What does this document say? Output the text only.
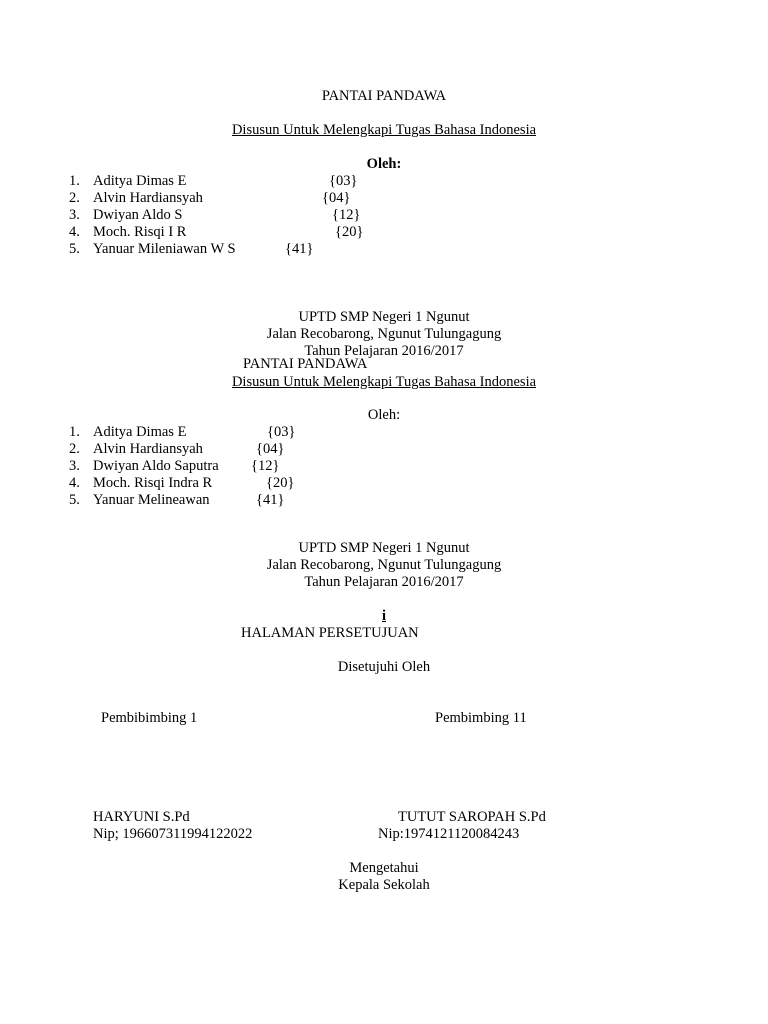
PANTAI PANDAWA
Disusun Untuk Melengkapi Tugas Bahasa Indonesia
Oleh:
1. Aditya Dimas E	{03}
2. Alvin Hardiansyah	{04}
3. Dwiyan Aldo S	{12}
4. Moch. Risqi I R	{20}
5. Yanuar Mileniawan W S	{41}
UPTD SMP Negeri 1 Ngunut
Jalan Recobarong, Ngunut Tulungagung
Tahun Pelajaran 2016/2017
PANTAI PANDAWA
Disusun Untuk Melengkapi Tugas Bahasa Indonesia
Oleh:
1. Aditya Dimas E	{03}
2. Alvin Hardiansyah	{04}
3. Dwiyan Aldo Saputra {12}
4. Moch. Risqi Indra R	{20}
5. Yanuar Melineawan	{41}
UPTD SMP Negeri 1 Ngunut
Jalan Recobarong, Ngunut Tulungagung
Tahun Pelajaran 2016/2017
i
HALAMAN PERSETUJUAN
Disetujuhi Oleh
Pembibimbing 1	Pembimbing 11
HARYUNI S.Pd	TUTUT SAROPAH S.Pd
Nip; 196607311994122022	Nip:1974121120084243
Mengetahui
Kepala Sekolah
